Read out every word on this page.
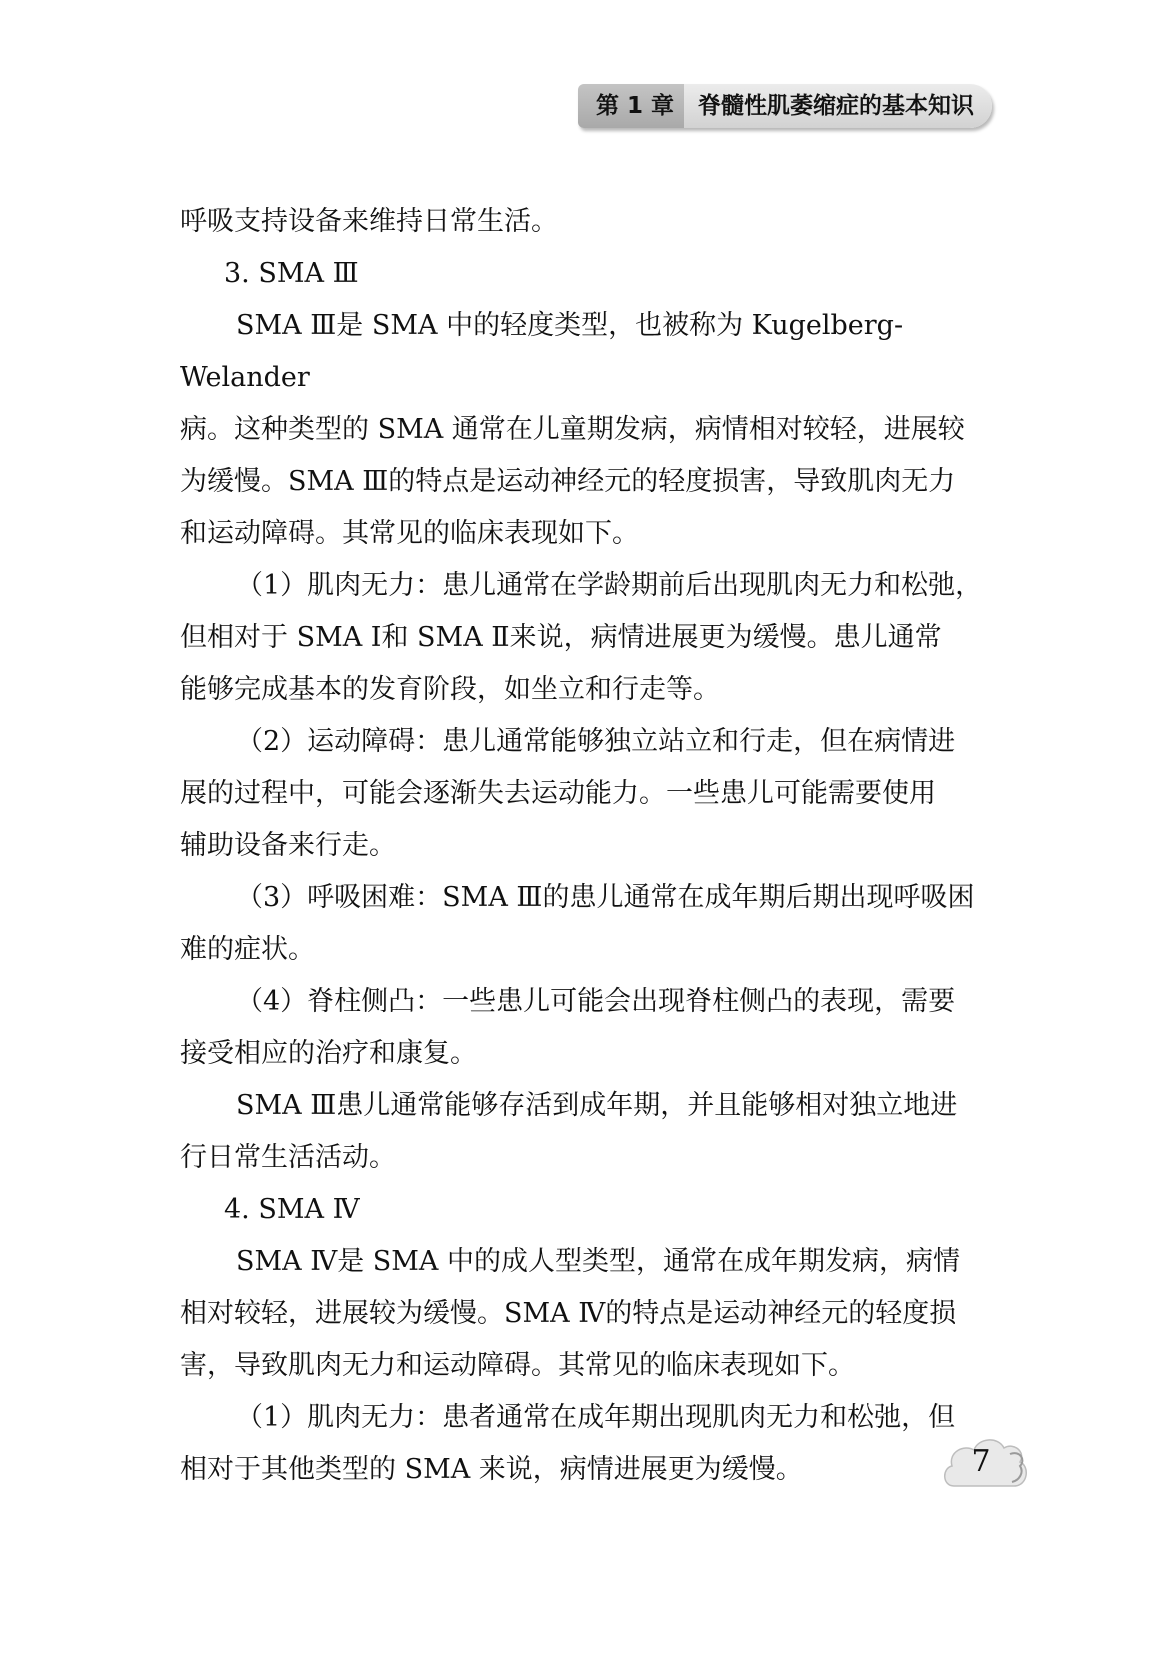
第 1 章 脊髓性肌萎缩症的基本知识

呼吸支持设备来维持日常生活。

3. SMA Ⅲ

SMA Ⅲ是 SMA 中的轻度类型，也被称为 Kugelberg-Welander
病。这种类型的 SMA 通常在儿童期发病，病情相对较轻，进展较
为缓慢。SMA Ⅲ的特点是运动神经元的轻度损害，导致肌肉无力
和运动障碍。其常见的临床表现如下。

（1）肌肉无力：患儿通常在学龄期前后出现肌肉无力和松弛，
但相对于 SMA Ⅰ和 SMA Ⅱ来说，病情进展更为缓慢。患儿通常
能够完成基本的发育阶段，如坐立和行走等。

（2）运动障碍：患儿通常能够独立站立和行走，但在病情进
展的过程中，可能会逐渐失去运动能力。一些患儿可能需要使用
辅助设备来行走。

（3）呼吸困难：SMA Ⅲ的患儿通常在成年期后期出现呼吸困
难的症状。

（4）脊柱侧凸：一些患儿可能会出现脊柱侧凸的表现，需要
接受相应的治疗和康复。

SMA Ⅲ患儿通常能够存活到成年期，并且能够相对独立地进
行日常生活活动。

4. SMA Ⅳ

SMA Ⅳ是 SMA 中的成人型类型，通常在成年期发病，病情
相对较轻，进展较为缓慢。SMA Ⅳ的特点是运动神经元的轻度损
害，导致肌肉无力和运动障碍。其常见的临床表现如下。

（1）肌肉无力：患者通常在成年期出现肌肉无力和松弛，但
相对于其他类型的 SMA 来说，病情进展更为缓慢。	7
